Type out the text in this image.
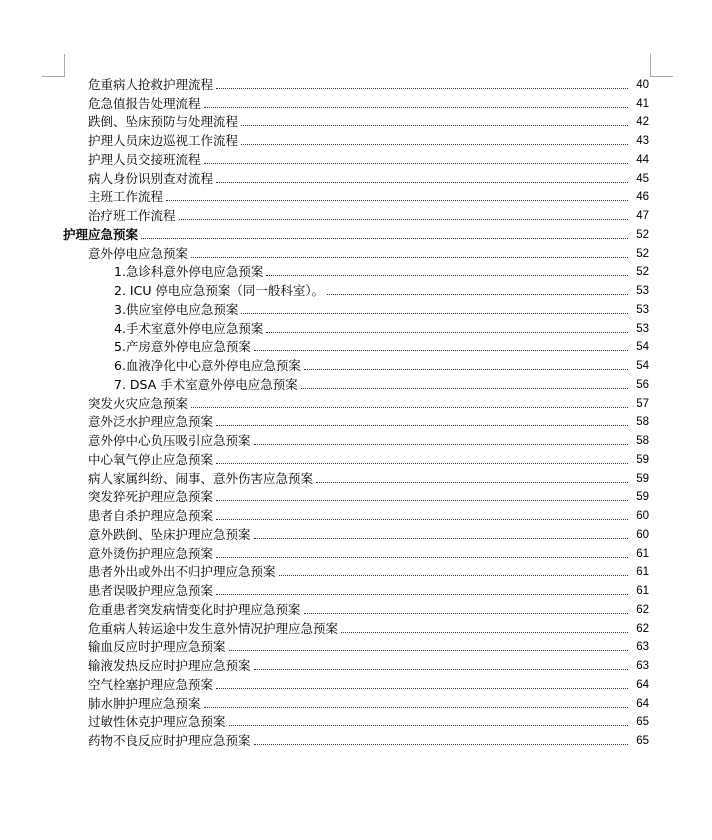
危重病人抢救护理流程	40
危急值报告处理流程	41
跌倒、坠床预防与处理流程	42
护理人员床边巡视工作流程	43
护理人员交接班流程	44
病人身份识别查对流程	45
主班工作流程	46
治疗班工作流程	47
护理应急预案	52
意外停电应急预案	52
1.急诊科意外停电应急预案	52
2. ICU 停电应急预案（同一般科室）。	53
3.供应室停电应急预案	53
4.手术室意外停电应急预案	53
5.产房意外停电应急预案	54
6.血液净化中心意外停电应急预案	54
7. DSA 手术室意外停电应急预案	56
突发火灾应急预案	57
意外泛水护理应急预案	58
意外停中心负压吸引应急预案	58
中心氧气停止应急预案	59
病人家属纠纷、闹事、意外伤害应急预案	59
突发猝死护理应急预案	59
患者自杀护理应急预案	60
意外跌倒、坠床护理应急预案	60
意外烫伤护理应急预案	61
患者外出或外出不归护理应急预案	61
患者误吸护理应急预案	61
危重患者突发病情变化时护理应急预案	62
危重病人转运途中发生意外情况护理应急预案	62
输血反应时护理应急预案	63
输液发热反应时护理应急预案	63
空气栓塞护理应急预案	64
肺水肿护理应急预案	64
过敏性休克护理应急预案	65
药物不良反应时护理应急预案	65
